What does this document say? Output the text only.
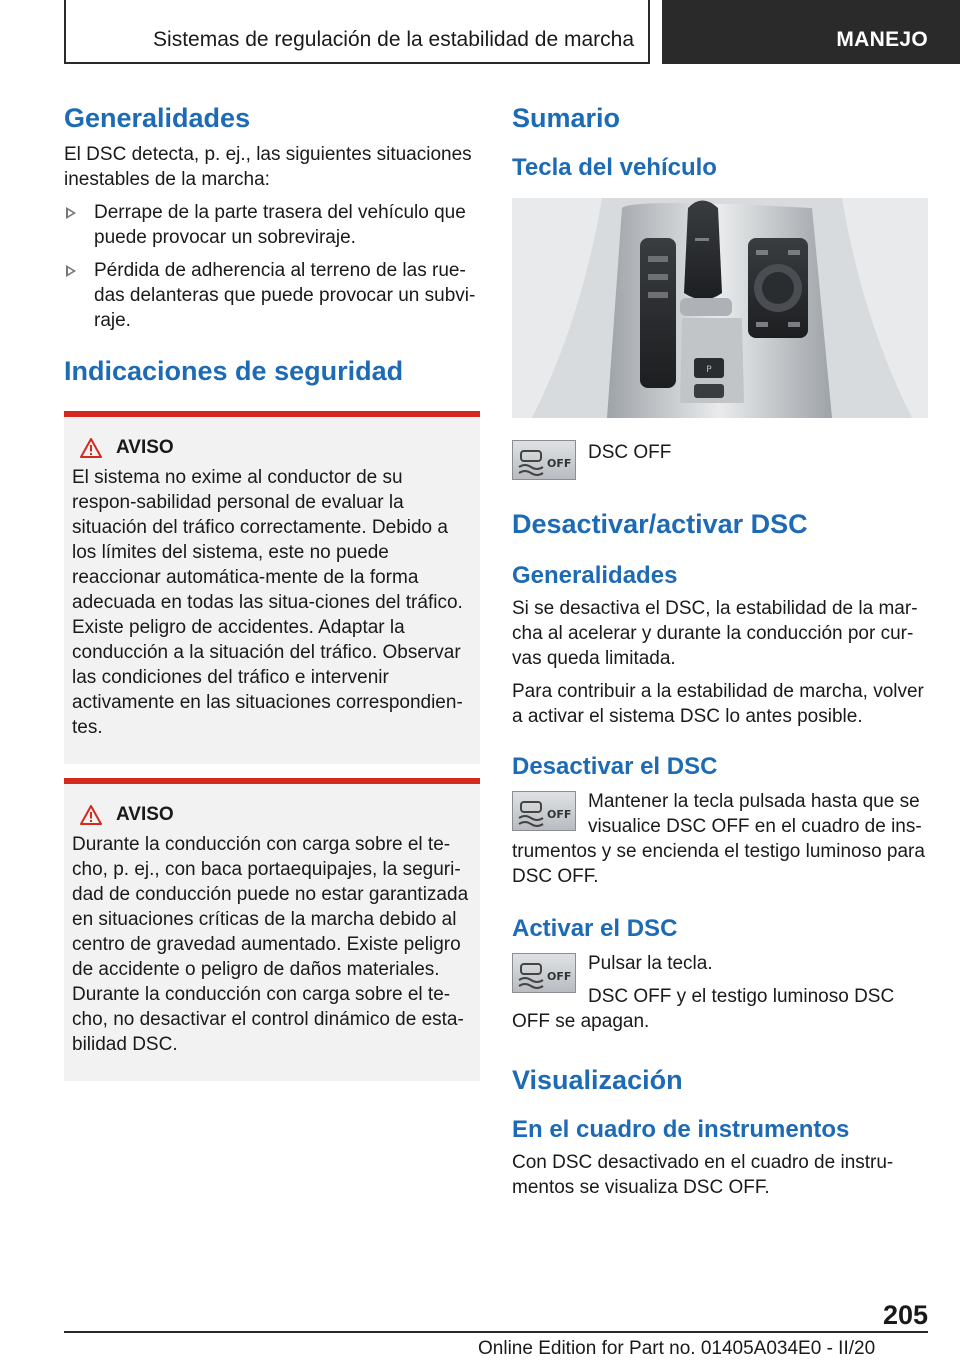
Sistemas de regulación de la estabilidad de marcha	MANEJO
Generalidades
El DSC detecta, p. ej., las siguientes situaciones inestables de la marcha:
Derrape de la parte trasera del vehículo que puede provocar un sobreviraje.
Pérdida de adherencia al terreno de las rue-das delanteras que puede provocar un subvi-raje.
Indicaciones de seguridad
AVISO
El sistema no exime al conductor de su respon-sabilidad personal de evaluar la situación del tráfico correctamente. Debido a los límites del sistema, este no puede reaccionar automática-mente de la forma adecuada en todas las situa-ciones del tráfico. Existe peligro de accidentes. Adaptar la conducción a la situación del tráfico. Observar las condiciones del tráfico e intervenir activamente en las situaciones correspondien-tes.
AVISO
Durante la conducción con carga sobre el te-cho, p. ej., con baca portaequipajes, la seguri-dad de conducción puede no estar garantizada en situaciones críticas de la marcha debido al centro de gravedad aumentado. Existe peligro de accidente o peligro de daños materiales. Durante la conducción con carga sobre el te-cho, no desactivar el control dinámico de esta-bilidad DSC.
Sumario
Tecla del vehículo
P
OFF
DSC OFF
Desactivar/activar DSC
Generalidades
Si se desactiva el DSC, la estabilidad de la mar-cha al acelerar y durante la conducción por cur-vas queda limitada.
Para contribuir a la estabilidad de marcha, volver a activar el sistema DSC lo antes posible.
Desactivar el DSC
OFF
Mantener la tecla pulsada hasta que se visualice DSC OFF en el cuadro de ins-trumentos y se encienda el testigo luminoso para DSC OFF.
Activar el DSC
OFF
Pulsar la tecla.
DSC OFF y el testigo luminoso DSC OFF se apagan.
Visualización
En el cuadro de instrumentos
Con DSC desactivado en el cuadro de instru-mentos se visualiza DSC OFF.
205
Online Edition for Part no. 01405A034E0 - II/20
